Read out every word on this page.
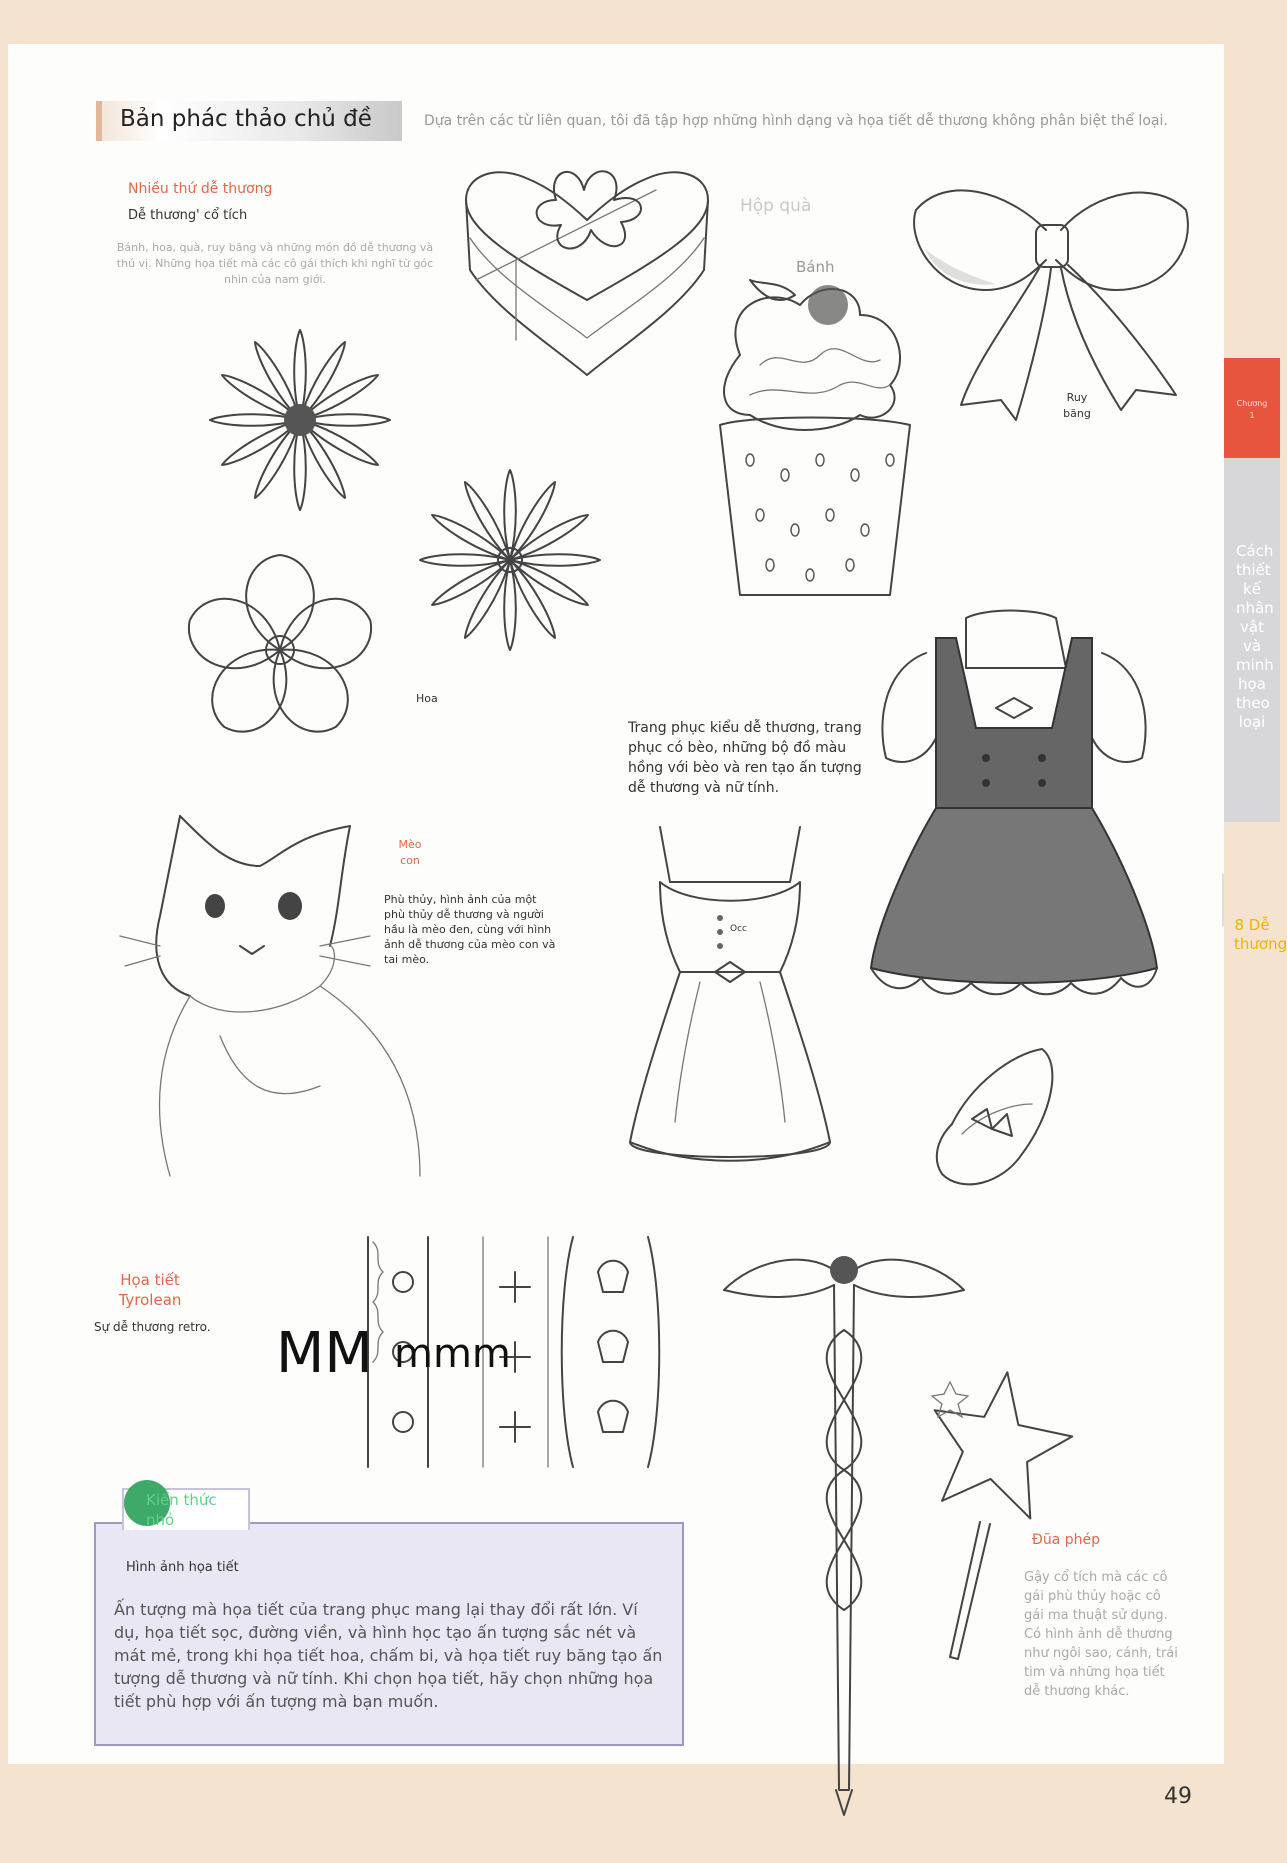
Bản phác thảo chủ đề	Dựa trên các từ liên quan, tôi đã tập hợp những hình dạng và họa tiết dễ thương không phân biệt thể loại.
Nhiều thứ dễ thương
Dễ thương' cổ tích
Bánh, hoa, quà, ruy băng và những món đồ dễ thương và thú vị. Những họa tiết mà các cô gái thích khi nghĩ từ góc nhìn của nam giới.
Hộp quà
Bánh
Ruy băng
Hoa
Mèo con
Phù thủy, hình ảnh của một phù thủy dễ thương và người hầu là mèo đen, cùng với hình ảnh dễ thương của mèo con và tai mèo.
Trang phục kiểu dễ thương, trang phục có bèo, những bộ đồ màu hồng với bèo và ren tạo ấn tượng dễ thương và nữ tính.
Occ
Họa tiết Tyrolean
Sự dễ thương retro. MM mmm
Đũa phép
Gậy cổ tích mà các cô gái phù thủy hoặc cô gái ma thuật sử dụng. Có hình ảnh dễ thương như ngôi sao, cánh, trái tim và những họa tiết dễ thương khác.
Kiến thức nhỏ
Hình ảnh họa tiết
Ấn tượng mà họa tiết của trang phục mang lại thay đổi rất lớn. Ví dụ, họa tiết sọc, đường viền, và hình học tạo ấn tượng sắc nét và mát mẻ, trong khi họa tiết hoa, chấm bi, và họa tiết ruy băng tạo ấn tượng dễ thương và nữ tính. Khi chọn họa tiết, hãy chọn những họa tiết phù hợp với ấn tượng mà bạn muốn.
Chương 1
Cách thiết kế nhân vật và minh họa theo loại
8 Dễ thương
49
